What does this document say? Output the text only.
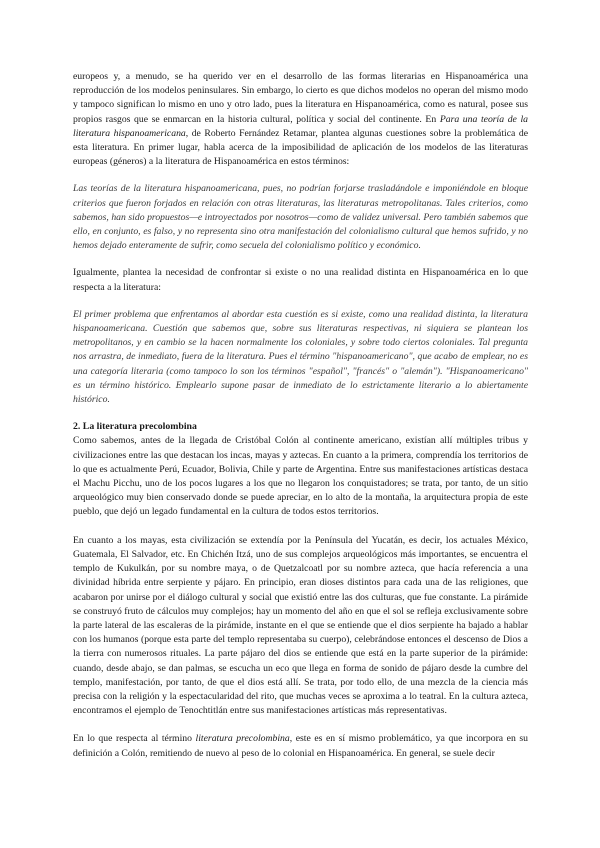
europeos y, a menudo, se ha querido ver en el desarrollo de las formas literarias en Hispanoamérica una reproducción de los modelos peninsulares. Sin embargo, lo cierto es que dichos modelos no operan del mismo modo y tampoco significan lo mismo en uno y otro lado, pues la literatura en Hispanoamérica, como es natural, posee sus propios rasgos que se enmarcan en la historia cultural, política y social del continente. En Para una teoría de la literatura hispanoamericana, de Roberto Fernández Retamar, plantea algunas cuestiones sobre la problemática de esta literatura. En primer lugar, habla acerca de la imposibilidad de aplicación de los modelos de las literaturas europeas (géneros) a la literatura de Hispanoamérica en estos términos:

Las teorías de la literatura hispanoamericana, pues, no podrían forjarse trasladándole e imponiéndole en bloque criterios que fueron forjados en relación con otras literaturas, las literaturas metropolitanas. Tales criterios, como sabemos, han sido propuestos—e introyectados por nosotros—como de validez universal. Pero también sabemos que ello, en conjunto, es falso, y no representa sino otra manifestación del colonialismo cultural que hemos sufrido, y no hemos dejado enteramente de sufrir, como secuela del colonialismo político y económico.

Igualmente, plantea la necesidad de confrontar si existe o no una realidad distinta en Hispanoamérica en lo que respecta a la literatura:

El primer problema que enfrentamos al abordar esta cuestión es si existe, como una realidad distinta, la literatura hispanoamericana. Cuestión que sabemos que, sobre sus literaturas respectivas, ni siquiera se plantean los metropolitanos, y en cambio se la hacen normalmente los coloniales, y sobre todo ciertos coloniales. Tal pregunta nos arrastra, de inmediato, fuera de la literatura. Pues el término "hispanoamericano", que acabo de emplear, no es una categoría literaria (como tampoco lo son los términos "español", "francés" o "alemán"). "Hispanoamericano" es un término histórico. Emplearlo supone pasar de inmediato de lo estrictamente literario a lo abiertamente histórico.

2. La literatura precolombina

Como sabemos, antes de la llegada de Cristóbal Colón al continente americano, existían allí múltiples tribus y civilizaciones entre las que destacan los incas, mayas y aztecas. En cuanto a la primera, comprendía los territorios de lo que es actualmente Perú, Ecuador, Bolivia, Chile y parte de Argentina. Entre sus manifestaciones artísticas destaca el Machu Picchu, uno de los pocos lugares a los que no llegaron los conquistadores; se trata, por tanto, de un sitio arqueológico muy bien conservado donde se puede apreciar, en lo alto de la montaña, la arquitectura propia de este pueblo, que dejó un legado fundamental en la cultura de todos estos territorios.

En cuanto a los mayas, esta civilización se extendía por la Península del Yucatán, es decir, los actuales México, Guatemala, El Salvador, etc. En Chichén Itzá, uno de sus complejos arqueológicos más importantes, se encuentra el templo de Kukulkán, por su nombre maya, o de Quetzalcoatl por su nombre azteca, que hacía referencia a una divinidad híbrida entre serpiente y pájaro. En principio, eran dioses distintos para cada una de las religiones, que acabaron por unirse por el diálogo cultural y social que existió entre las dos culturas, que fue constante. La pirámide se construyó fruto de cálculos muy complejos; hay un momento del año en que el sol se refleja exclusivamente sobre la parte lateral de las escaleras de la pirámide, instante en el que se entiende que el dios serpiente ha bajado a hablar con los humanos (porque esta parte del templo representaba su cuerpo), celebrándose entonces el descenso de Dios a la tierra con numerosos rituales. La parte pájaro del dios se entiende que está en la parte superior de la pirámide: cuando, desde abajo, se dan palmas, se escucha un eco que llega en forma de sonido de pájaro desde la cumbre del templo, manifestación, por tanto, de que el dios está allí. Se trata, por todo ello, de una mezcla de la ciencia más precisa con la religión y la espectacularidad del rito, que muchas veces se aproxima a lo teatral. En la cultura azteca, encontramos el ejemplo de Tenochtitlán entre sus manifestaciones artísticas más representativas.

En lo que respecta al término literatura precolombina, este es en sí mismo problemático, ya que incorpora en su definición a Colón, remitiendo de nuevo al peso de lo colonial en Hispanoamérica. En general, se suele decir
